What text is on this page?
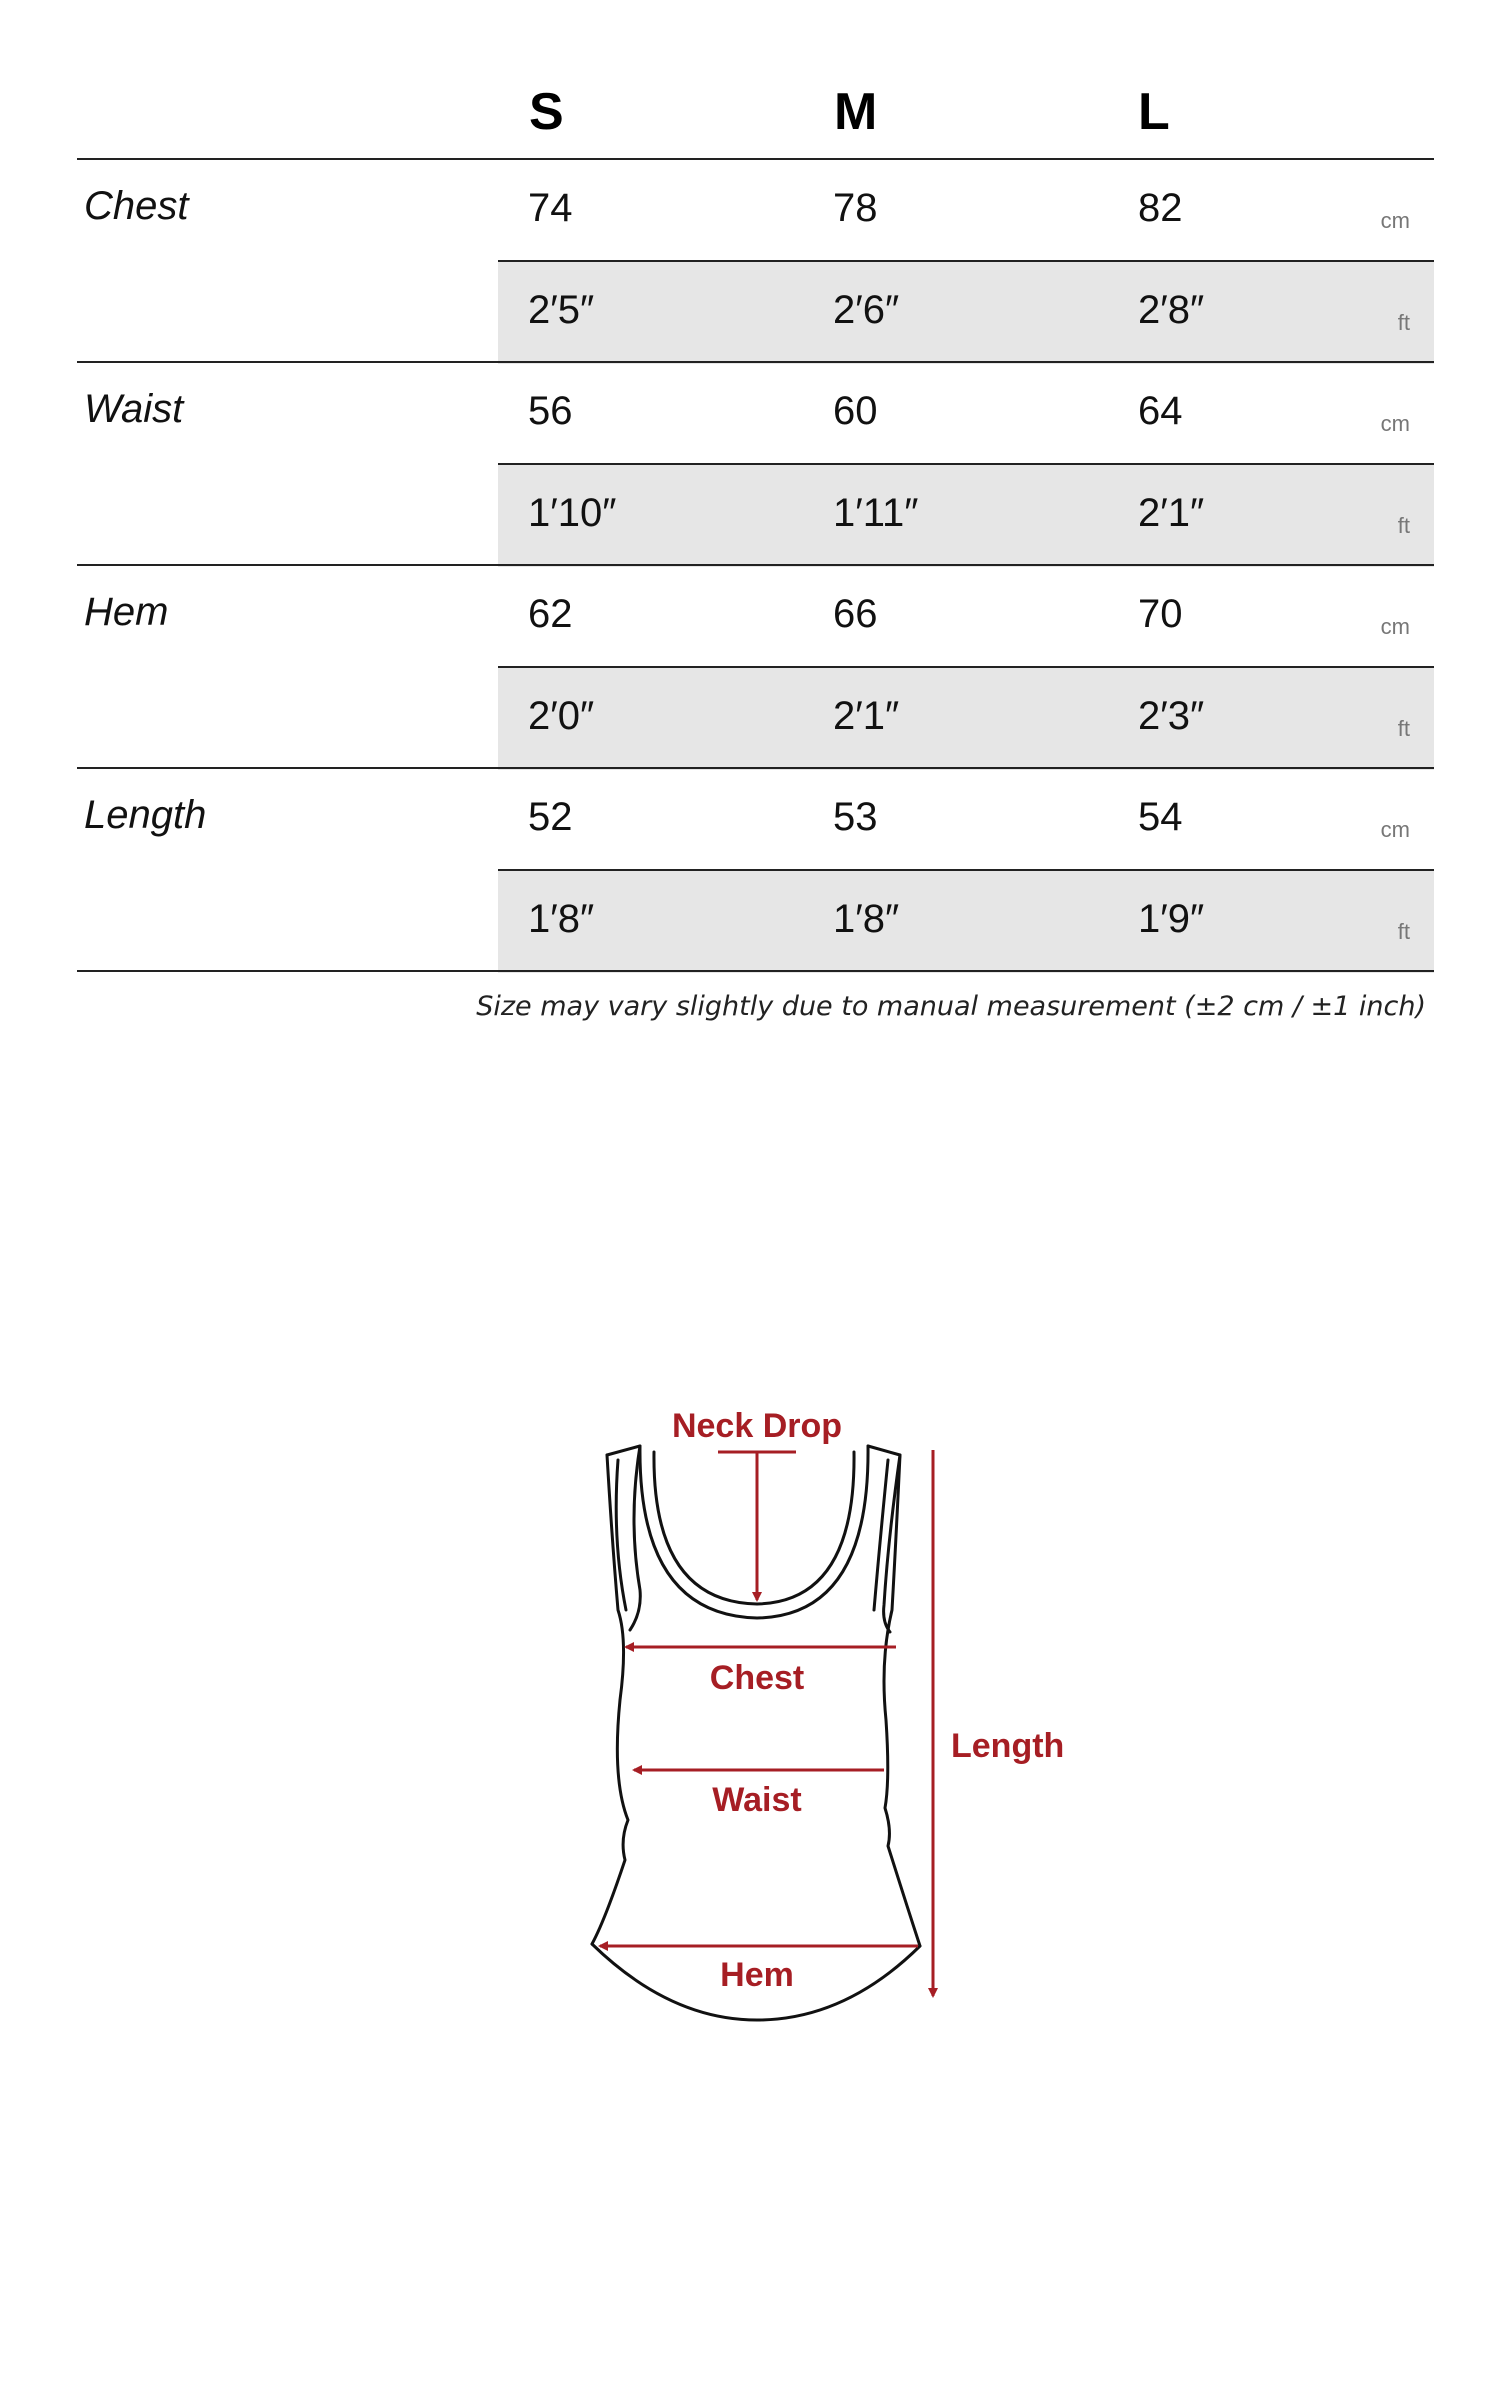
S	M	L
Chest	74	78	82	cm
2′5″	2′6″	2′8″	ft
Waist	56	60	64	cm
1′10″	1′11″	2′1″	ft
Hem	62	66	70	cm
2′0″	2′1″	2′3″	ft
Length	52	53	54	cm
1′8″	1′8″	1′9″	ft
Size may vary slightly due to manual measurement (±2 cm / ±1 inch)
Neck Drop
Chest
Waist
Hem
Length
